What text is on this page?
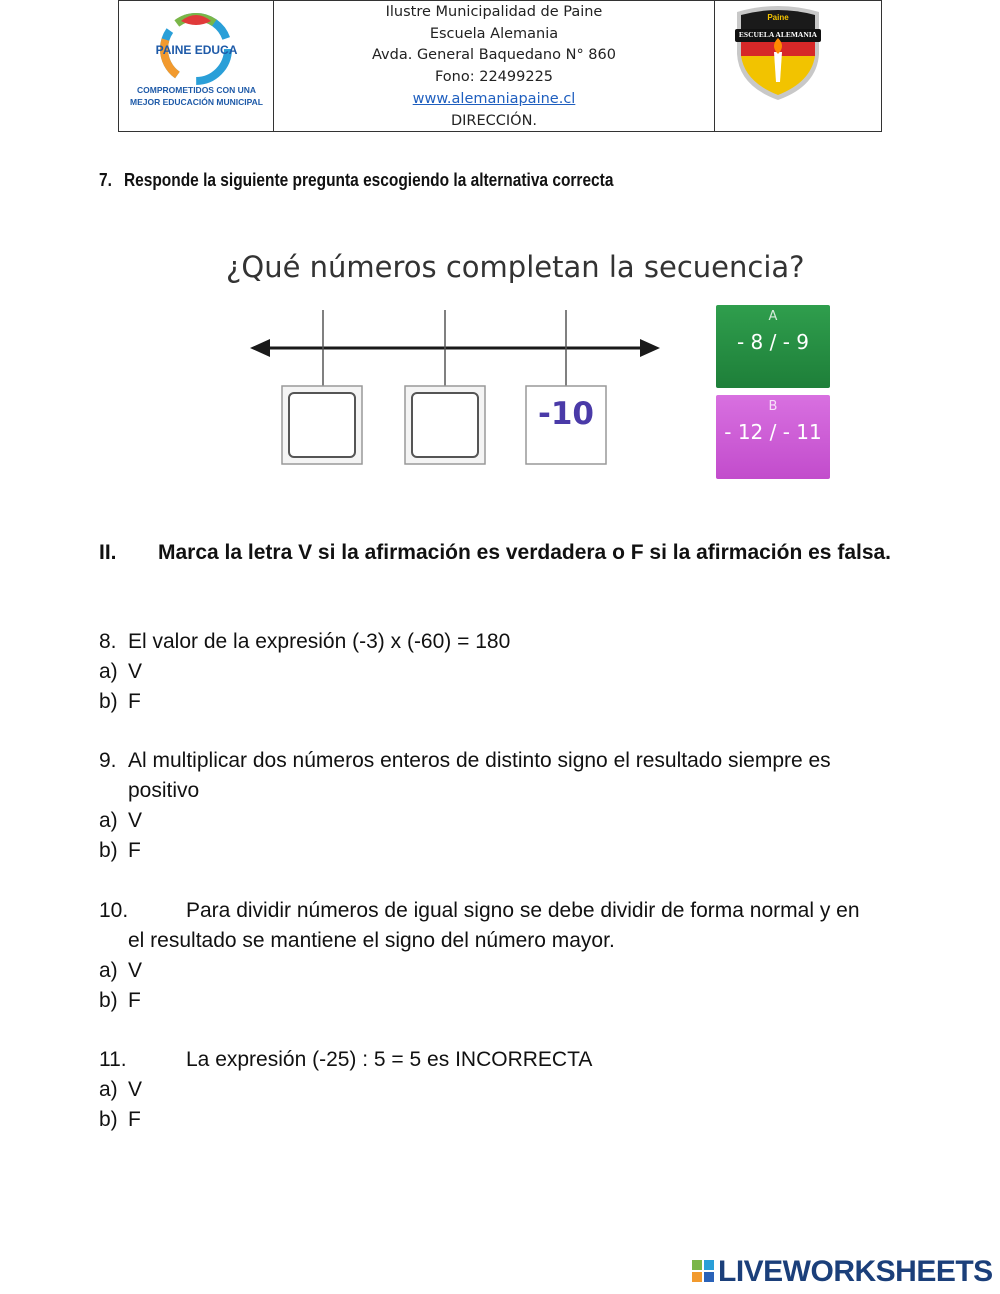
PAINE EDUCA
COMPROMETIDOS CON UNA
MEJOR EDUCACIÓN MUNICIPAL
Ilustre Municipalidad de Paine
Escuela Alemania
Avda. General Baquedano N° 860
Fono: 22499225
www.alemaniapaine.cl
DIRECCIÓN.
Paine
ESCUELA ALEMANIA
7. Responde la siguiente pregunta escogiendo la alternativa correcta
¿Qué números completan la secuencia?
-10
A
- 8 / - 9
B
- 12 / - 11
II. Marca la letra V si la afirmación es verdadera o F si la afirmación es falsa.
8. El valor de la expresión (-3) x (-60) = 180
a) V
b) F
9. Al multiplicar dos números enteros de distinto signo el resultado siempre es
positivo
a) V
b) F
10.	Para dividir números de igual signo se debe dividir de forma normal y en
el resultado se mantiene el signo del número mayor.
a) V
b) F
11.	La expresión (-25) : 5 = 5 es INCORRECTA
a) V
b) F
LIVEWORKSHEETS
